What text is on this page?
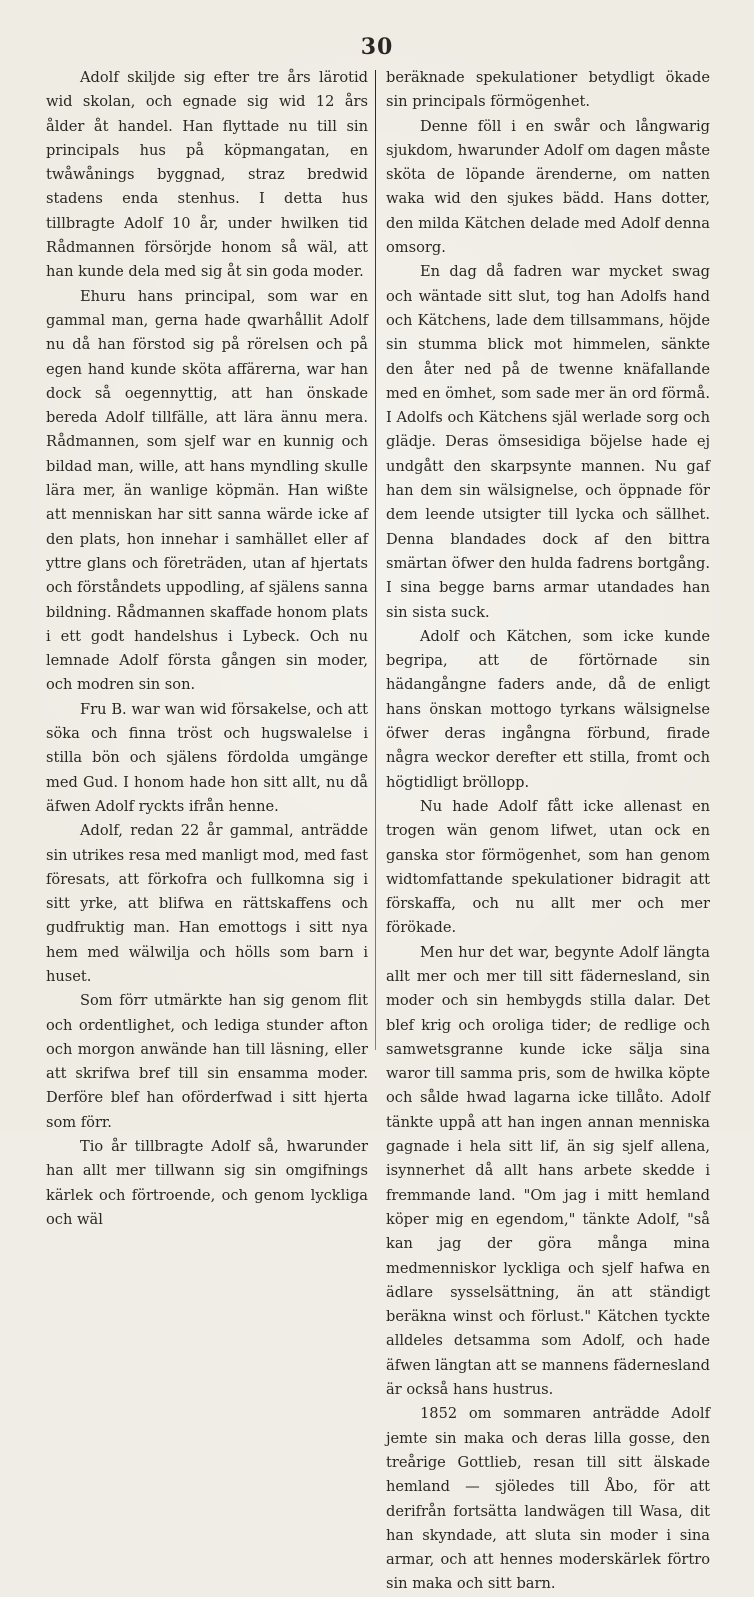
30

Adolf skiljde sig efter tre års lärotid wid skolan, och egnade sig wid 12 års ålder åt handel. Han flyttade nu till sin principals hus på köpmangatan, en twåwånings byggnad, straz bredwid stadens enda stenhus. I detta hus tillbragte Adolf 10 år, under hwilken tid Rådmannen försörjde honom så wäl, att han kunde dela med sig åt sin goda moder.

Ehuru hans principal, som war en gammal man, gerna hade qwarhållit Adolf nu då han förstod sig på rörelsen och på egen hand kunde sköta affärerna, war han dock så oegennyttig, att han önskade bereda Adolf tillfälle, att lära ännu mera. Rådmannen, som sjelf war en kunnig och bildad man, wille, att hans myndling skulle lära mer, än wanlige köpmän. Han wißte att menniskan har sitt sanna wärde icke af den plats, hon innehar i samhället eller af yttre glans och företräden, utan af hjertats och förståndets uppodling, af själens sanna bildning. Rådmannen skaffade honom plats i ett godt handelshus i Lybeck. Och nu lemnade Adolf första gången sin moder, och modren sin son.

Fru B. war wan wid försakelse, och att söka och finna tröst och hugswalelse i stilla bön och själens fördolda umgänge med Gud. I honom hade hon sitt allt, nu då äfwen Adolf ryckts ifrån henne.

Adolf, redan 22 år gammal, anträdde sin utrikes resa med manligt mod, med fast föresats, att förkofra och fullkomna sig i sitt yrke, att blifwa en rättskaffens och gudfruktig man. Han emottogs i sitt nya hem med wälwilja och hölls som barn i huset.

Som förr utmärkte han sig genom flit och ordentlighet, och lediga stunder afton och morgon anwände han till läsning, eller att skrifwa bref till sin ensamma moder. Derföre blef han oförderfwad i sitt hjerta som förr.

Tio år tillbragte Adolf så, hwarunder han allt mer tillwann sig sin omgifnings kärlek och förtroende, och genom lyckliga och wäl

beräknade spekulationer betydligt ökade sin principals förmögenhet.

Denne föll i en swår och långwarig sjukdom, hwarunder Adolf om dagen måste sköta de löpande ärenderne, om natten waka wid den sjukes bädd. Hans dotter, den milda Kätchen delade med Adolf denna omsorg.

En dag då fadren war mycket swag och wäntade sitt slut, tog han Adolfs hand och Kätchens, lade dem tillsammans, höjde sin stumma blick mot himmelen, sänkte den åter ned på de twenne knäfallande med en ömhet, som sade mer än ord förmå. I Adolfs och Kätchens själ werlade sorg och glädje. Deras ömsesidiga böjelse hade ej undgått den skarpsynte mannen. Nu gaf han dem sin wälsignelse, och öppnade för dem leende utsigter till lycka och sällhet. Denna blandades dock af den bittra smärtan öfwer den hulda fadrens bortgång. I sina begge barns armar utandades han sin sista suck.

Adolf och Kätchen, som icke kunde begripa, att de förtörnade sin hädangångne faders ande, då de enligt hans önskan mottogo tyrkans wälsignelse öfwer deras ingångna förbund, firade några weckor derefter ett stilla, fromt och högtidligt bröllopp.

Nu hade Adolf fått icke allenast en trogen wän genom lifwet, utan ock en ganska stor förmögenhet, som han genom widtomfattande spekulationer bidragit att förskaffa, och nu allt mer och mer förökade.

Men hur det war, begynte Adolf längta allt mer och mer till sitt fädernesland, sin moder och sin hembygds stilla dalar. Det blef krig och oroliga tider; de redlige och samwetsgranne kunde icke sälja sina waror till samma pris, som de hwilka köpte och sålde hwad lagarna icke tillåto. Adolf tänkte uppå att han ingen annan menniska gagnade i hela sitt lif, än sig sjelf allena, isynnerhet då allt hans arbete skedde i fremmande land. "Om jag i mitt hemland köper mig en egendom," tänkte Adolf, "så kan jag der göra många mina medmenniskor lyckliga och sjelf hafwa en ädlare sysselsättning, än att ständigt beräkna winst och förlust." Kätchen tyckte alldeles detsamma som Adolf, och hade äfwen längtan att se mannens fädernesland är också hans hustrus.

1852 om sommaren anträdde Adolf jemte sin maka och deras lilla gosse, den treårige Gottlieb, resan till sitt älskade hemland — sjöledes till Åbo, för att derifrån fortsätta landwägen till Wasa, dit han skyndade, att sluta sin moder i sina armar, och att hennes moderskärlek förtro sin maka och sitt barn.
